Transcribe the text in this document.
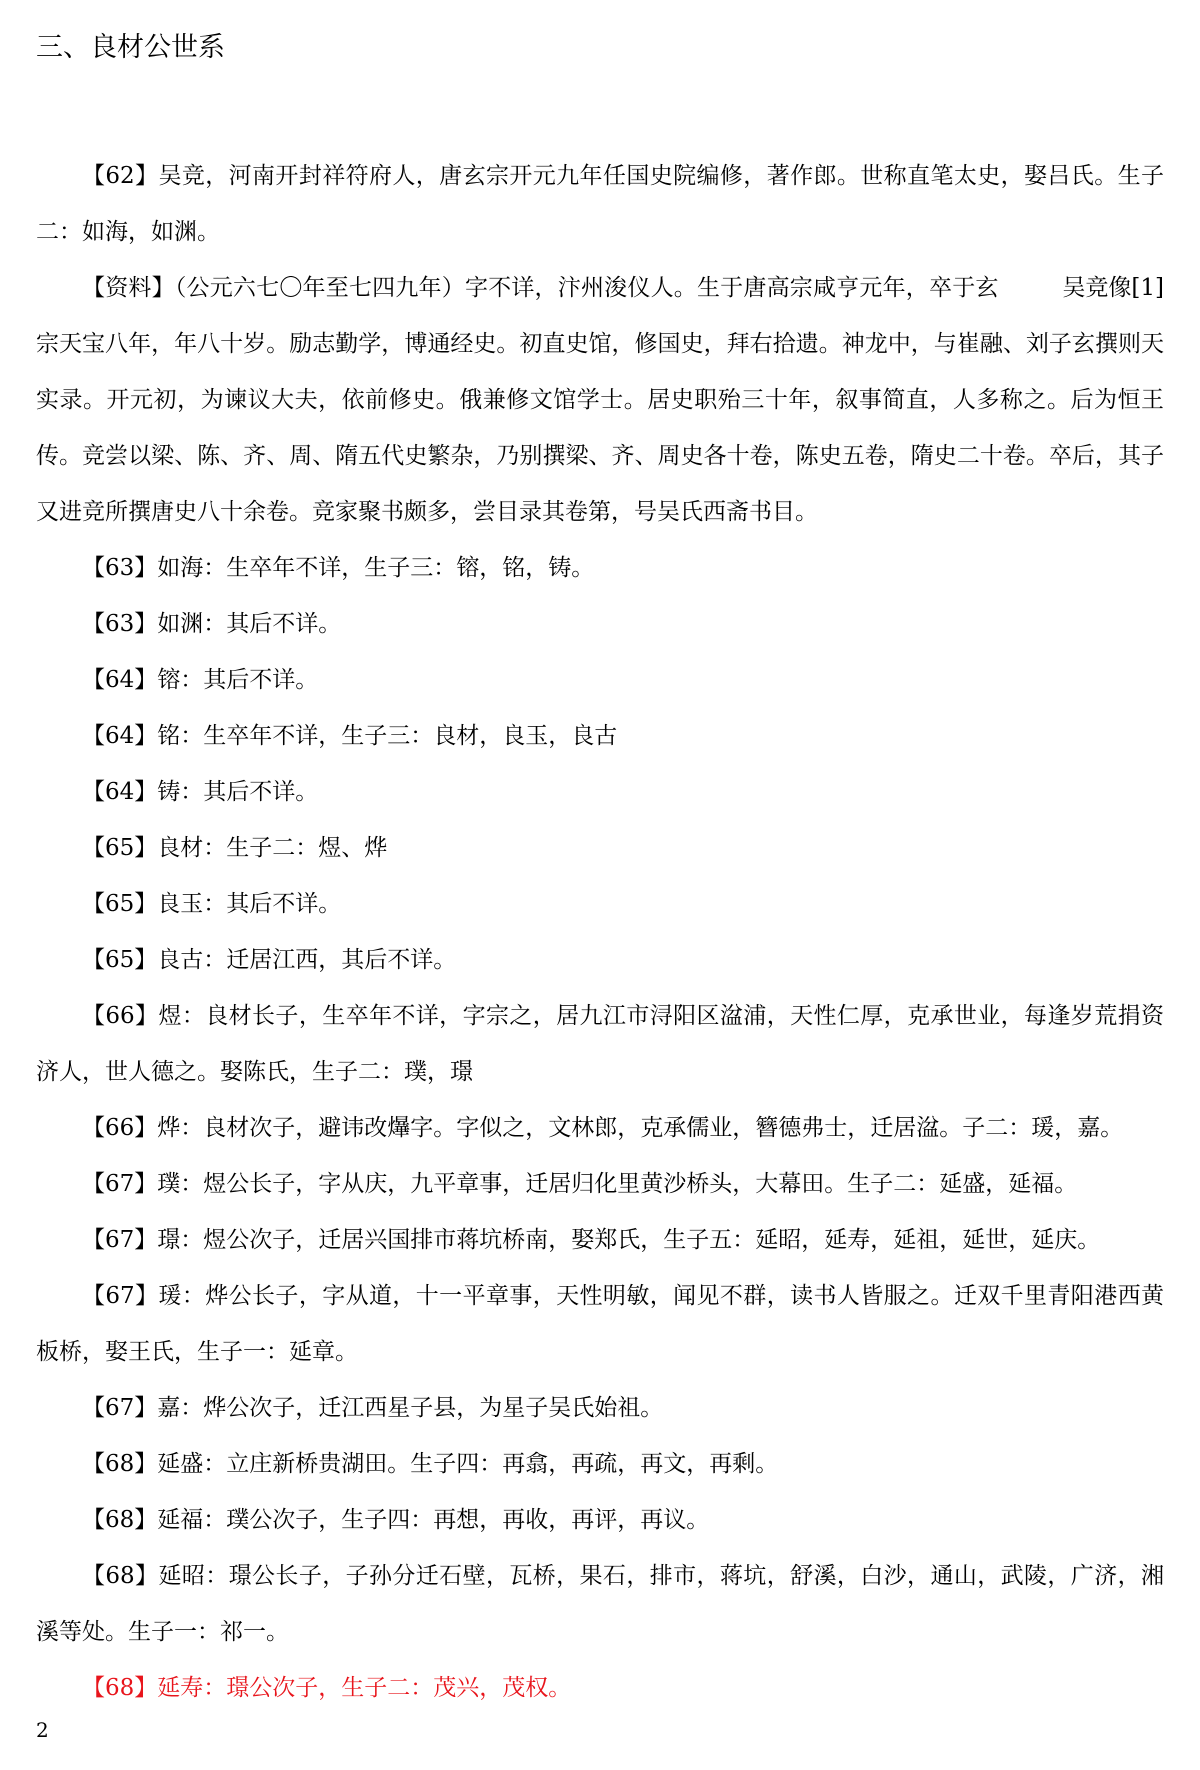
三、良材公世系

【62】吴竞，河南开封祥符府人，唐玄宗开元九年任国史院编修，著作郎。世称直笔太史，娶吕氏。生子二：如海，如渊。

吴竞像[1]
【资料】（公元六七〇年至七四九年）字不详，汴州浚仪人。生于唐高宗咸亨元年，卒于玄宗天宝八年，年八十岁。励志勤学，博通经史。初直史馆，修国史，拜右拾遗。神龙中，与崔融、刘子玄撰则天实录。开元初，为谏议大夫，依前修史。俄兼修文馆学士。居史职殆三十年，叙事简直，人多称之。后为恒王传。竞尝以梁、陈、齐、周、隋五代史繁杂，乃别撰梁、齐、周史各十卷，陈史五卷，隋史二十卷。卒后，其子又进竞所撰唐史八十余卷。竞家聚书颇多，尝目录其卷第，号吴氏西斋书目。

【63】如海：生卒年不详，生子三：镕，铭，铸。

【63】如渊：其后不详。

【64】镕：其后不详。

【64】铭：生卒年不详，生子三：良材，良玉，良古

【64】铸：其后不详。

【65】良材：生子二：煜、烨

【65】良玉：其后不详。

【65】良古：迁居江西，其后不详。

【66】煜：良材长子，生卒年不详，字宗之，居九江市浔阳区湓浦，天性仁厚，克承世业，每逢岁荒捐资济人，世人德之。娶陈氏，生子二：璞，璟

【66】烨：良材次子，避讳改爗字。字似之，文林郎，克承儒业，簪德弗士，迁居湓。子二：瑗，嘉。

【67】璞：煜公长子，字从庆，九平章事，迁居归化里黄沙桥头，大幕田。生子二：延盛，延福。

【67】璟：煜公次子，迁居兴国排市蒋坑桥南，娶郑氏，生子五：延昭，延寿，延祖，延世，延庆。

【67】瑗：烨公长子，字从道，十一平章事，天性明敏，闻见不群，读书人皆服之。迁双千里青阳港西黄板桥，娶王氏，生子一：延章。

【67】嘉：烨公次子，迁江西星子县，为星子吴氏始祖。

【68】延盛：立庄新桥贵湖田。生子四：再翕，再疏，再文，再剩。

【68】延福：璞公次子，生子四：再想，再收，再评，再议。

【68】延昭：璟公长子，子孙分迁石壁，瓦桥，果石，排市，蒋坑，舒溪，白沙，通山，武陵，广济，湘溪等处。生子一：祁一。

【68】延寿：璟公次子，生子二：茂兴，茂权。

2
